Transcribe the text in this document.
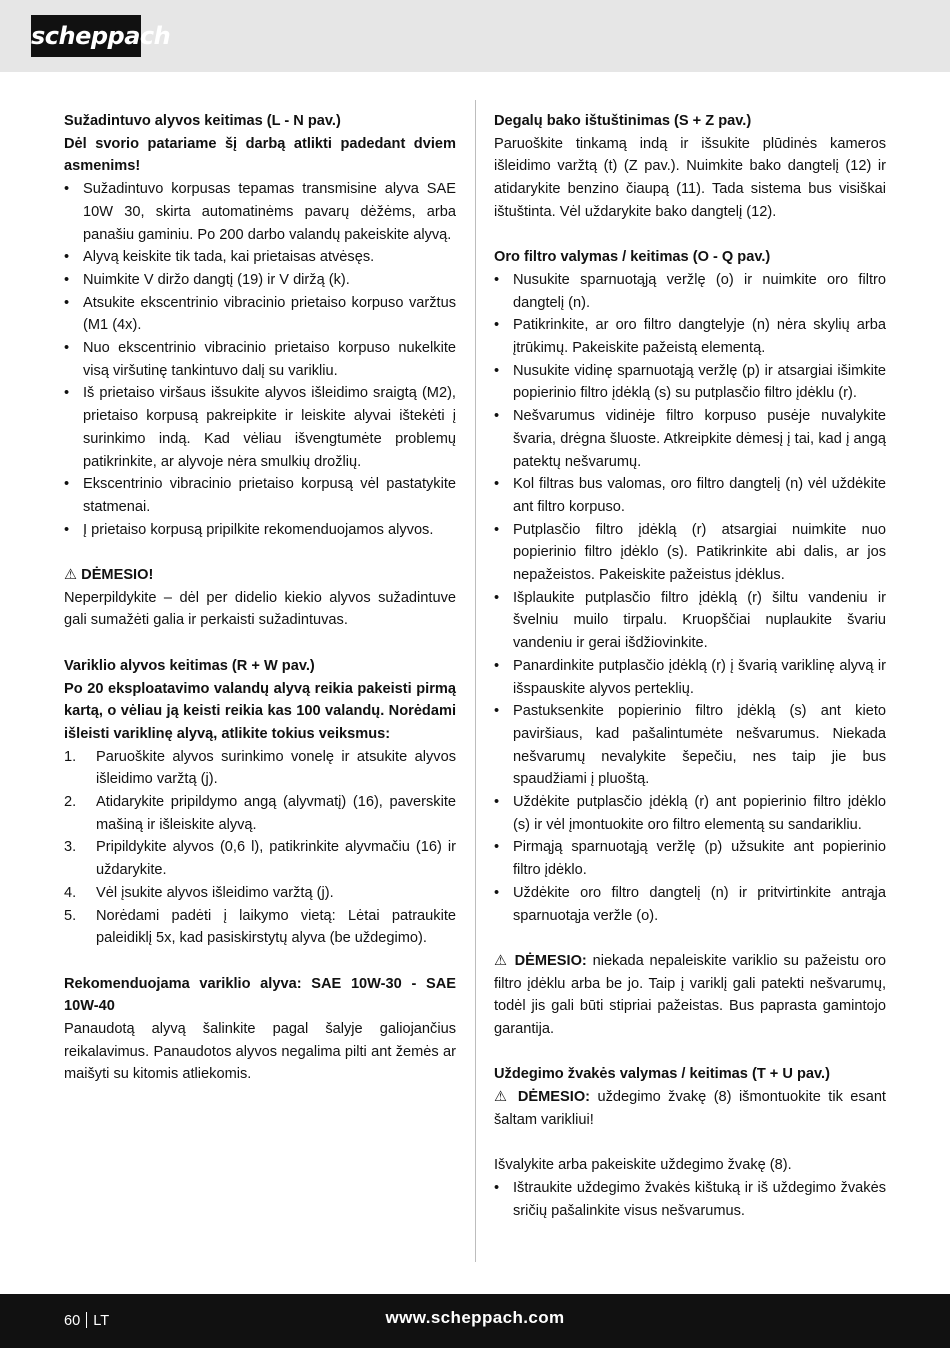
scheppach

Sužadintuvo alyvos keitimas (L - N pav.)

Dėl svorio patariame šį darbą atlikti padedant dviem asmenims!

• Sužadintuvo korpusas tepamas transmisine alyva SAE 10W 30, skirta automatinėms pavarų dėžėms, arba panašiu gaminiu. Po 200 darbo valandų pakeiskite alyvą.
• Alyvą keiskite tik tada, kai prietaisas atvėsęs.
• Nuimkite V diržo dangtį (19) ir V diržą (k).
• Atsukite ekscentrinio vibracinio prietaiso korpuso varžtus (M1 (4x).
• Nuo ekscentrinio vibracinio prietaiso korpuso nukelkite visą viršutinę tankintuvo dalį su varikliu.
• Iš prietaiso viršaus išsukite alyvos išleidimo sraigtą (M2), prietaiso korpusą pakreipkite ir leiskite alyvai ištekėti į surinkimo indą. Kad vėliau išvengtumėte problemų patikrinkite, ar alyvoje nėra smulkių drožlių.
• Ekscentrinio vibracinio prietaiso korpusą vėl pastatykite statmenai.
• Į prietaiso korpusą pripilkite rekomenduojamos alyvos.

⚠ DĖMESIO!

Neperpildykite – dėl per didelio kiekio alyvos sužadintuve gali sumažėti galia ir perkaisti sužadintuvas.

Variklio alyvos keitimas (R + W pav.)

Po 20 eksploatavimo valandų alyvą reikia pakeisti pirmą kartą, o vėliau ją keisti reikia kas 100 valandų. Norėdami išleisti variklinę alyvą, atlikite tokius veiksmus:

1. Paruoškite alyvos surinkimo vonelę ir atsukite alyvos išleidimo varžtą (j).
2. Atidarykite pripildymo angą (alyvmatį) (16), paverskite mašiną ir išleiskite alyvą.
3. Pripildykite alyvos (0,6 l), patikrinkite alyvmačiu (16) ir uždarykite.
4. Vėl įsukite alyvos išleidimo varžtą (j).
5. Norėdami padėti į laikymo vietą: Lėtai patraukite paleidiklį 5x, kad pasiskirstytų alyva (be uždegimo).

Rekomenduojama variklio alyva: SAE 10W-30 - SAE 10W-40

Panaudotą alyvą šalinkite pagal šalyje galiojančius reikalavimus. Panaudotos alyvos negalima pilti ant žemės ar maišyti su kitomis atliekomis.

Degalų bako ištuštinimas (S + Z pav.)

Paruoškite tinkamą indą ir išsukite plūdinės kameros išleidimo varžtą (t) (Z pav.). Nuimkite bako dangtelį (12) ir atidarykite benzino čiaupą (11). Tada sistema bus visiškai ištuštinta. Vėl uždarykite bako dangtelį (12).

Oro filtro valymas / keitimas (O - Q pav.)

• Nusukite sparnuotąją veržlę (o) ir nuimkite oro filtro dangtelį (n).
• Patikrinkite, ar oro filtro dangtelyje (n) nėra skylių arba įtrūkimų. Pakeiskite pažeistą elementą.
• Nusukite vidinę sparnuotąją veržlę (p) ir atsargiai išimkite popierinio filtro įdėklą (s) su putplasčio filtro įdėklu (r).
• Nešvarumus vidinėje filtro korpuso pusėje nuvalykite švaria, drėgna šluoste. Atkreipkite dėmesį į tai, kad į angą patektų nešvarumų.
• Kol filtras bus valomas, oro filtro dangtelį (n) vėl uždėkite ant filtro korpuso.
• Putplasčio filtro įdėklą (r) atsargiai nuimkite nuo popierinio filtro įdėklo (s). Patikrinkite abi dalis, ar jos nepažeistos. Pakeiskite pažeistus įdėklus.
• Išplaukite putplasčio filtro įdėklą (r) šiltu vandeniu ir švelniu muilo tirpalu. Kruopščiai nuplaukite švariu vandeniu ir gerai išdžiovinkite.
• Panardinkite putplasčio įdėklą (r) į švarią variklinę alyvą ir išspauskite alyvos perteklių.
• Pastuksenkite popierinio filtro įdėklą (s) ant kieto paviršiaus, kad pašalintumėte nešvarumus. Niekada nešvarumų nevalykite šepečiu, nes taip jie bus spaudžiami į pluoštą.
• Uždėkite putplasčio įdėklą (r) ant popierinio filtro įdėklo (s) ir vėl įmontuokite oro filtro elementą su sandarikliu.
• Pirmąją sparnuotąją veržlę (p) užsukite ant popierinio filtro įdėklo.
• Uždėkite oro filtro dangtelį (n) ir pritvirtinkite antrąja sparnuotąja veržle (o).

⚠ DĖMESIO: niekada nepaleiskite variklio su pažeistu oro filtro įdėklu arba be jo. Taip į variklį gali patekti nešvarumų, todėl jis gali būti stipriai pažeistas. Bus paprasta gamintojo garantija.

Uždegimo žvakės valymas / keitimas (T + U pav.)

⚠ DĖMESIO: uždegimo žvakę (8) išmontuokite tik esant šaltam varikliui!

Išvalykite arba pakeiskite uždegimo žvakę (8).

• Ištraukite uždegimo žvakės kištuką ir iš uždegimo žvakės sričių pašalinkite visus nešvarumus.
60 LT	www.scheppach.com
